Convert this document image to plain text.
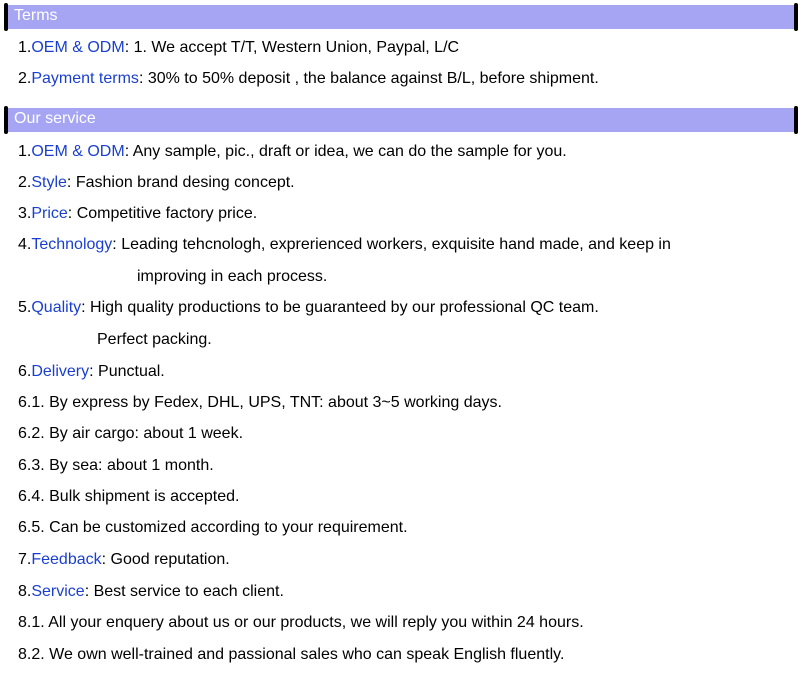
Terms
1.OEM & ODM: 1. We accept T/T, Western Union, Paypal, L/C
2.Payment terms: 30% to 50% deposit , the balance against B/L, before shipment.
Our service
1.OEM & ODM: Any sample, pic., draft or idea, we can do the sample for you.
2.Style: Fashion brand desing concept.
3.Price: Competitive factory price.
4.Technology: Leading tehcnologh, exprerienced workers, exquisite hand made, and keep in
improving in each process.
5.Quality: High quality productions to be guaranteed by our professional QC team.
Perfect packing.
6.Delivery: Punctual.
6.1. By express by Fedex, DHL, UPS, TNT: about 3~5 working days.
6.2. By air cargo: about 1 week.
6.3. By sea: about 1 month.
6.4. Bulk shipment is accepted.
6.5. Can be customized according to your requirement.
7.Feedback: Good reputation.
8.Service: Best service to each client.
8.1. All your enquery about us or our products, we will reply you within 24 hours.
8.2. We own well-trained and passional sales who can speak English fluently.
